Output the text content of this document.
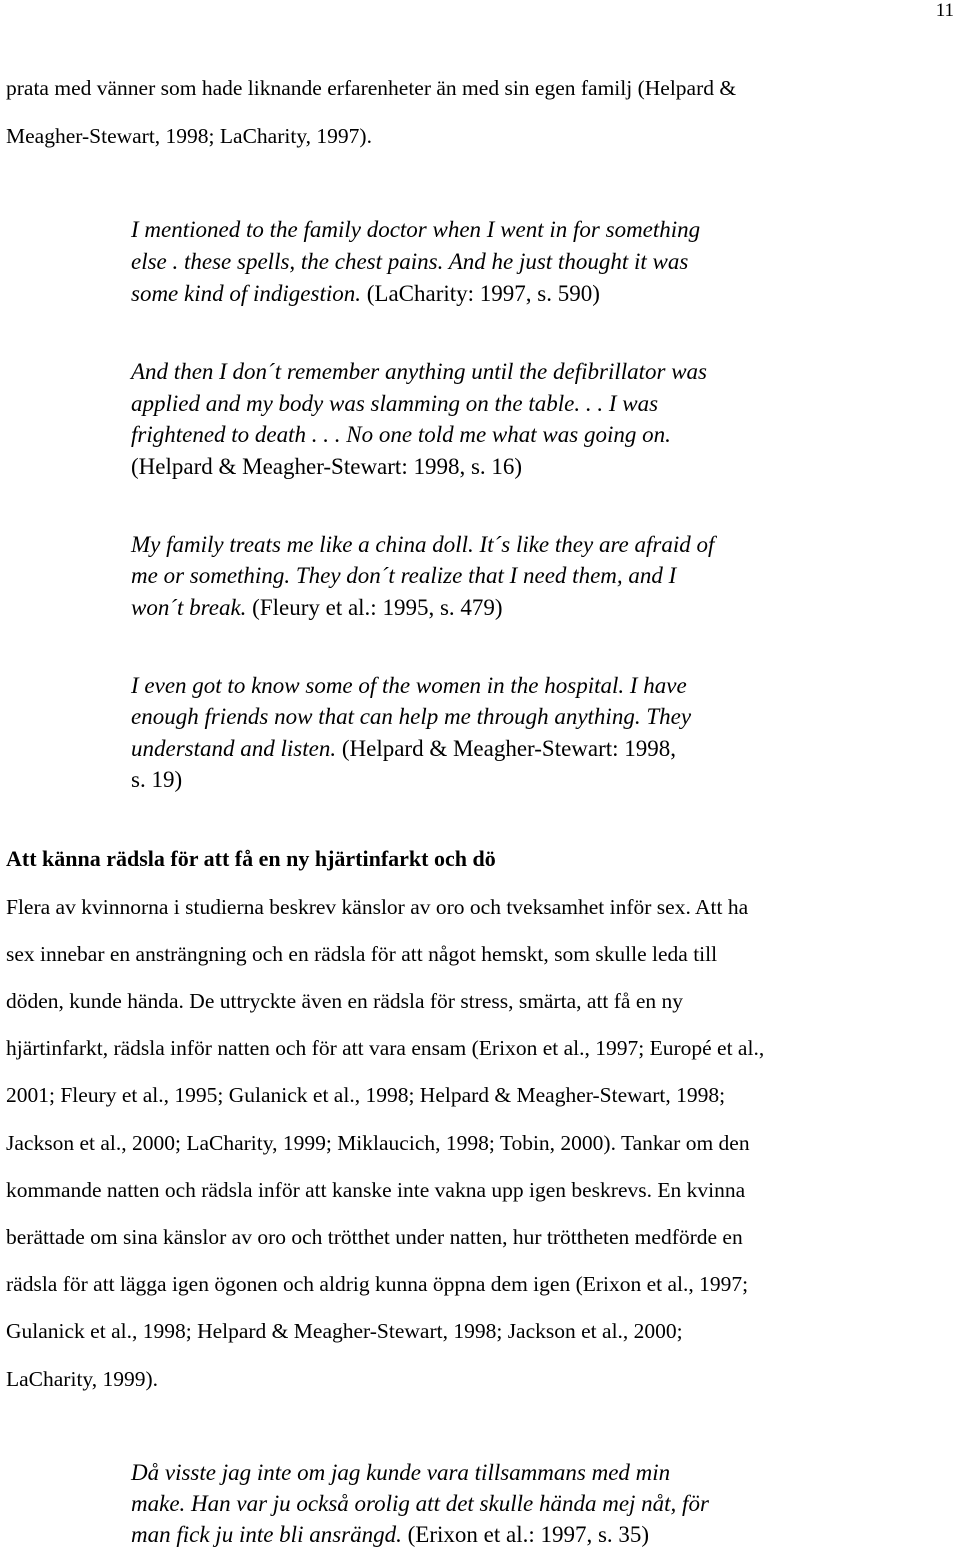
11

prata med vänner som hade liknande erfarenheter än med sin egen familj (Helpard &

Meagher-Stewart, 1998; LaCharity, 1997).

I mentioned to the family doctor when I went in for something

else . these spells, the chest pains. And he just thought it was

some kind of indigestion. (LaCharity: 1997, s. 590)

And then I don´t remember anything until the defibrillator was

applied and my body was slamming on the table. . . I was

frightened to death . . . No one told me what was going on.

(Helpard & Meagher-Stewart: 1998, s. 16)

My family treats me like a china doll. It´s like they are afraid of

me or something. They don´t realize that I need them, and I

won´t break. (Fleury et al.: 1995, s. 479)

I even got to know some of the women in the hospital. I have

enough friends now that can help me through anything. They

understand and listen. (Helpard & Meagher-Stewart: 1998,

s. 19)

Att känna rädsla för att få en ny hjärtinfarkt och dö

Flera av kvinnorna i studierna beskrev känslor av oro och tveksamhet inför sex. Att ha

sex innebar en ansträngning och en rädsla för att något hemskt, som skulle leda till

döden, kunde hända. De uttryckte även en rädsla för stress, smärta, att få en ny

hjärtinfarkt, rädsla inför natten och för att vara ensam (Erixon et al., 1997; Europé et al.,

2001; Fleury et al., 1995; Gulanick et al., 1998; Helpard & Meagher-Stewart, 1998;

Jackson et al., 2000; LaCharity, 1999; Miklaucich, 1998; Tobin, 2000). Tankar om den

kommande natten och rädsla inför att kanske inte vakna upp igen beskrevs. En kvinna

berättade om sina känslor av oro och trötthet under natten, hur tröttheten medförde en

rädsla för att lägga igen ögonen och aldrig kunna öppna dem igen (Erixon et al., 1997;

Gulanick et al., 1998; Helpard & Meagher-Stewart, 1998; Jackson et al., 2000;

LaCharity, 1999).

Då visste jag inte om jag kunde vara tillsammans med min

make. Han var ju också orolig att det skulle hända mej nåt, för

man fick ju inte bli ansrängd. (Erixon et al.: 1997, s. 35)
